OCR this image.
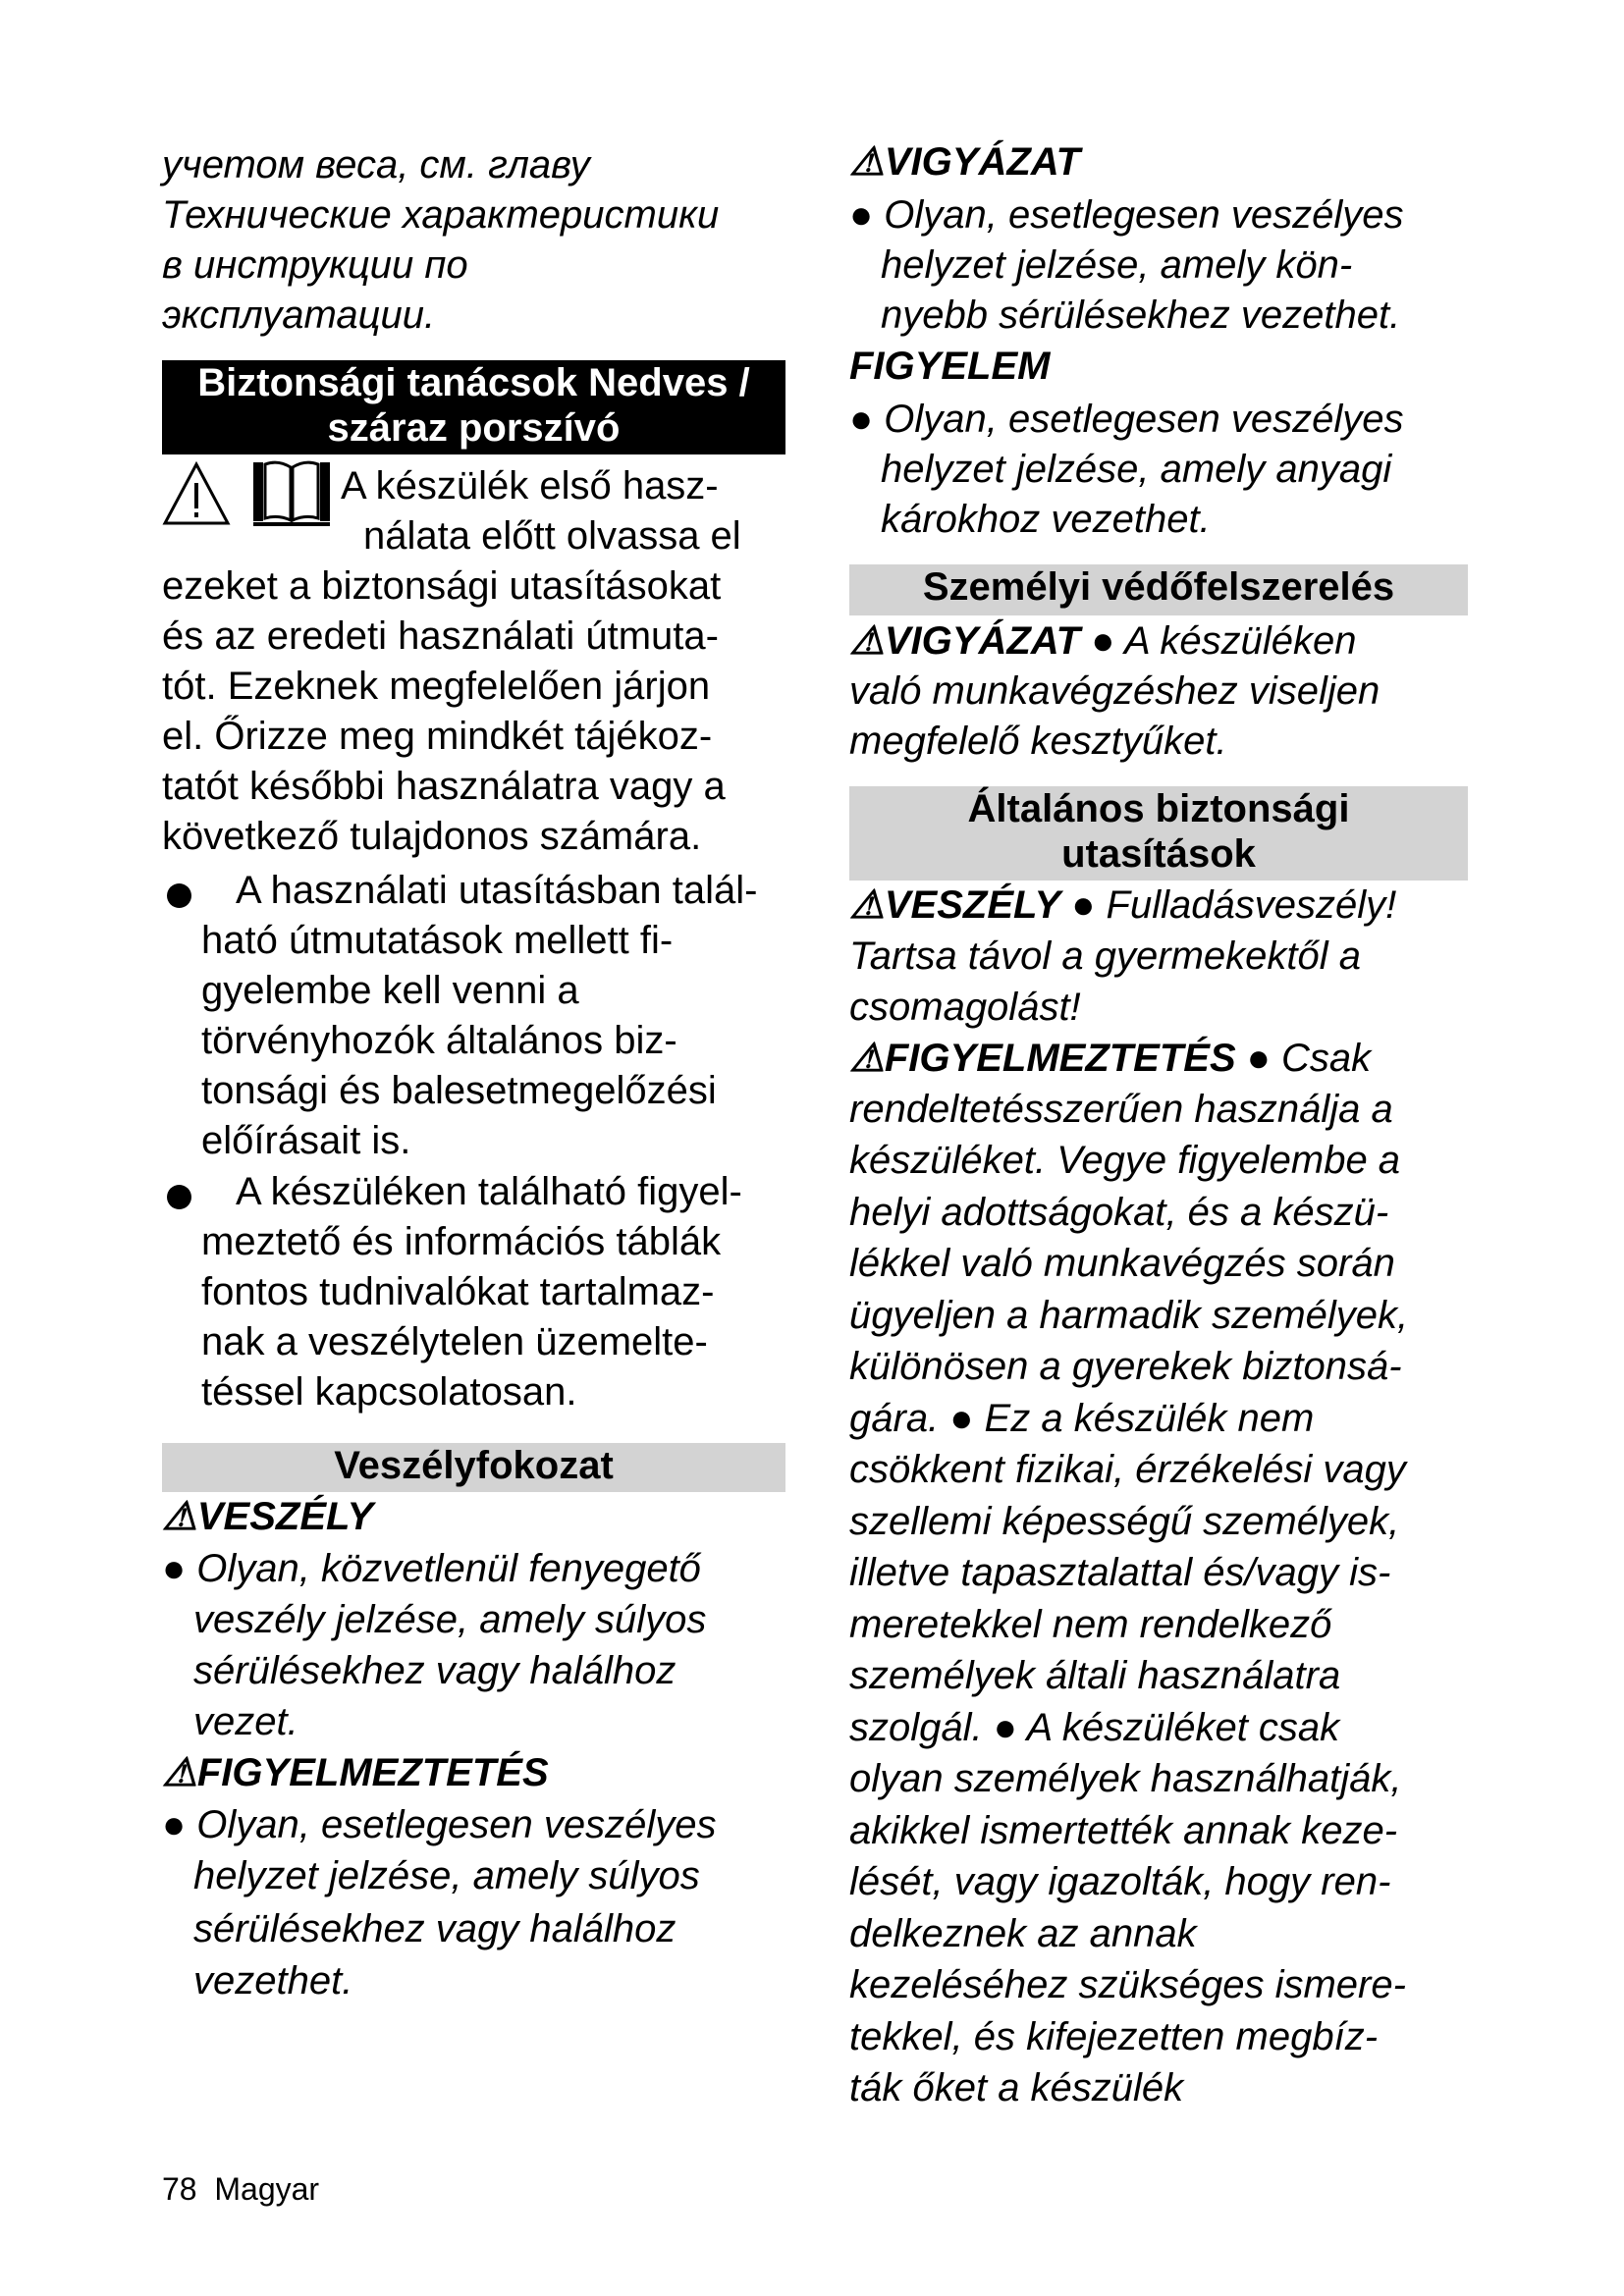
учетом веса, см. главу
Технические характеристики
в инструкции по
эксплуатации.
Biztonsági tanácsok Nedves /
száraz porszívó
A készülék első hasz-
nálata előtt olvassa el
ezeket a biztonsági utasításokat
és az eredeti használati útmuta-
tót. Ezeknek megfelelően járjon
el. Őrizze meg mindkét tájékoz-
tatót későbbi használatra vagy a
következő tulajdonos számára.
A használati utasításban talál-
ható útmutatások mellett fi-
gyelembe kell venni a
törvényhozók általános biz-
tonsági és balesetmegelőzési
előírásait is.
A készüléken található figyel-
meztető és információs táblák
fontos tudnivalókat tartalmaz-
nak a veszélytelen üzemelte-
téssel kapcsolatosan.
Veszélyfokozat
⚠VESZÉLY
● Olyan, közvetlenül fenyegető
veszély jelzése, amely súlyos
sérülésekhez vagy halálhoz
vezet.
⚠FIGYELMEZTETÉS
● Olyan, esetlegesen veszélyes
helyzet jelzése, amely súlyos
sérülésekhez vagy halálhoz
vezethet.
⚠VIGYÁZAT
● Olyan, esetlegesen veszélyes
helyzet jelzése, amely kön-
nyebb sérülésekhez vezethet.
FIGYELEM
● Olyan, esetlegesen veszélyes
helyzet jelzése, amely anyagi
károkhoz vezethet.
Személyi védőfelszerelés
⚠VIGYÁZAT ● A készüléken
való munkavégzéshez viseljen
megfelelő kesztyűket.
Általános biztonsági
utasítások
⚠VESZÉLY ● Fulladásveszély!
Tartsa távol a gyermekektől a
csomagolást!
⚠FIGYELMEZTETÉS ● Csak
rendeltetésszerűen használja a
készüléket. Vegye figyelembe a
helyi adottságokat, és a készü-
lékkel való munkavégzés során
ügyeljen a harmadik személyek,
különösen a gyerekek biztonsá-
gára. ● Ez a készülék nem
csökkent fizikai, érzékelési vagy
szellemi képességű személyek,
illetve tapasztalattal és/vagy is-
meretekkel nem rendelkező
személyek általi használatra
szolgál. ● A készüléket csak
olyan személyek használhatják,
akikkel ismertették annak keze-
lését, vagy igazolták, hogy ren-
delkeznek az annak
kezeléséhez szükséges ismere-
tekkel, és kifejezetten megbíz-
ták őket a készülék
78 Magyar
